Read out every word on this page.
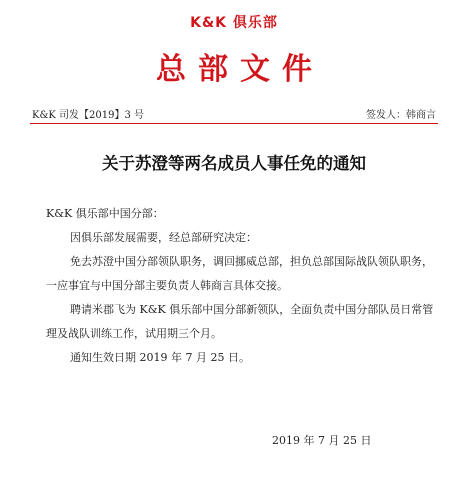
K&K 俱乐部
总部文件
K&K 司发【2019】3 号	签发人：韩商言
关于苏澄等两名成员人事任免的通知

K&K 俱乐部中国分部：

因俱乐部发展需要，经总部研究决定：

免去苏澄中国分部领队职务，调回挪威总部，担负总部国际战队领队职务，一应事宜与中国分部主要负责人韩商言具体交接。

聘请米郡飞为 K&K 俱乐部中国分部新领队，全面负责中国分部队员日常管理及战队训练工作，试用期三个月。

通知生效日期 2019 年 7 月 25 日。

2019 年 7 月 25 日
